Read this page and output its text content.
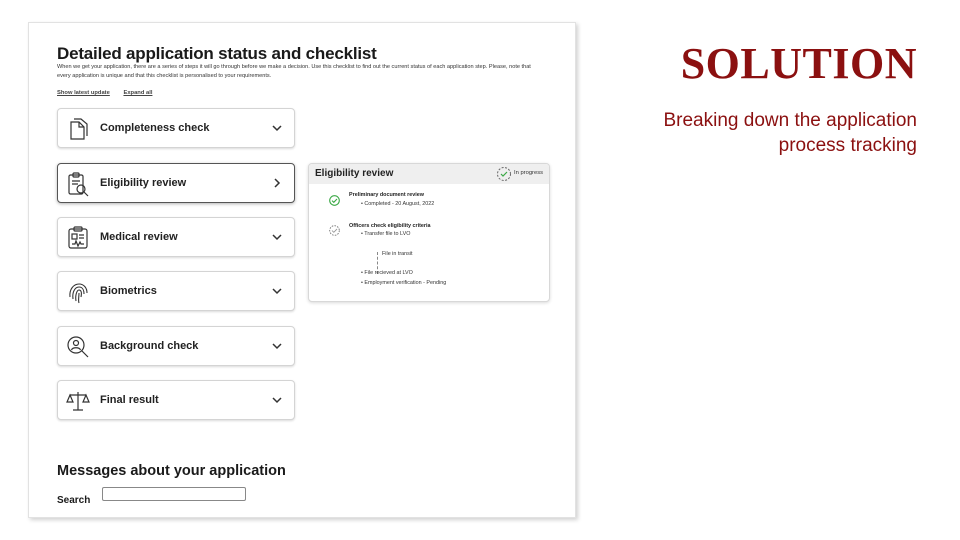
Detailed application status and checklist

When we get your application, there are a series of steps it will go through before we make a decision. Use this checklist to find out the current status of each application step. Please, note that every application is unique and that this checklist is personalised to your requirements.

Show latest update Expand all
Completeness check
Eligibility review
Medical review
Biometrics
Background check
Final result
Eligibility review	In progress
Preliminary document review
• Completed - 20 August, 2022
Officers check eligibility criteria
• Transfer file to LVO
File in transit
• File recieved at LVO
• Employment verification - Pending
Messages about your application
Search
SOLUTION
Breaking down the application process tracking
